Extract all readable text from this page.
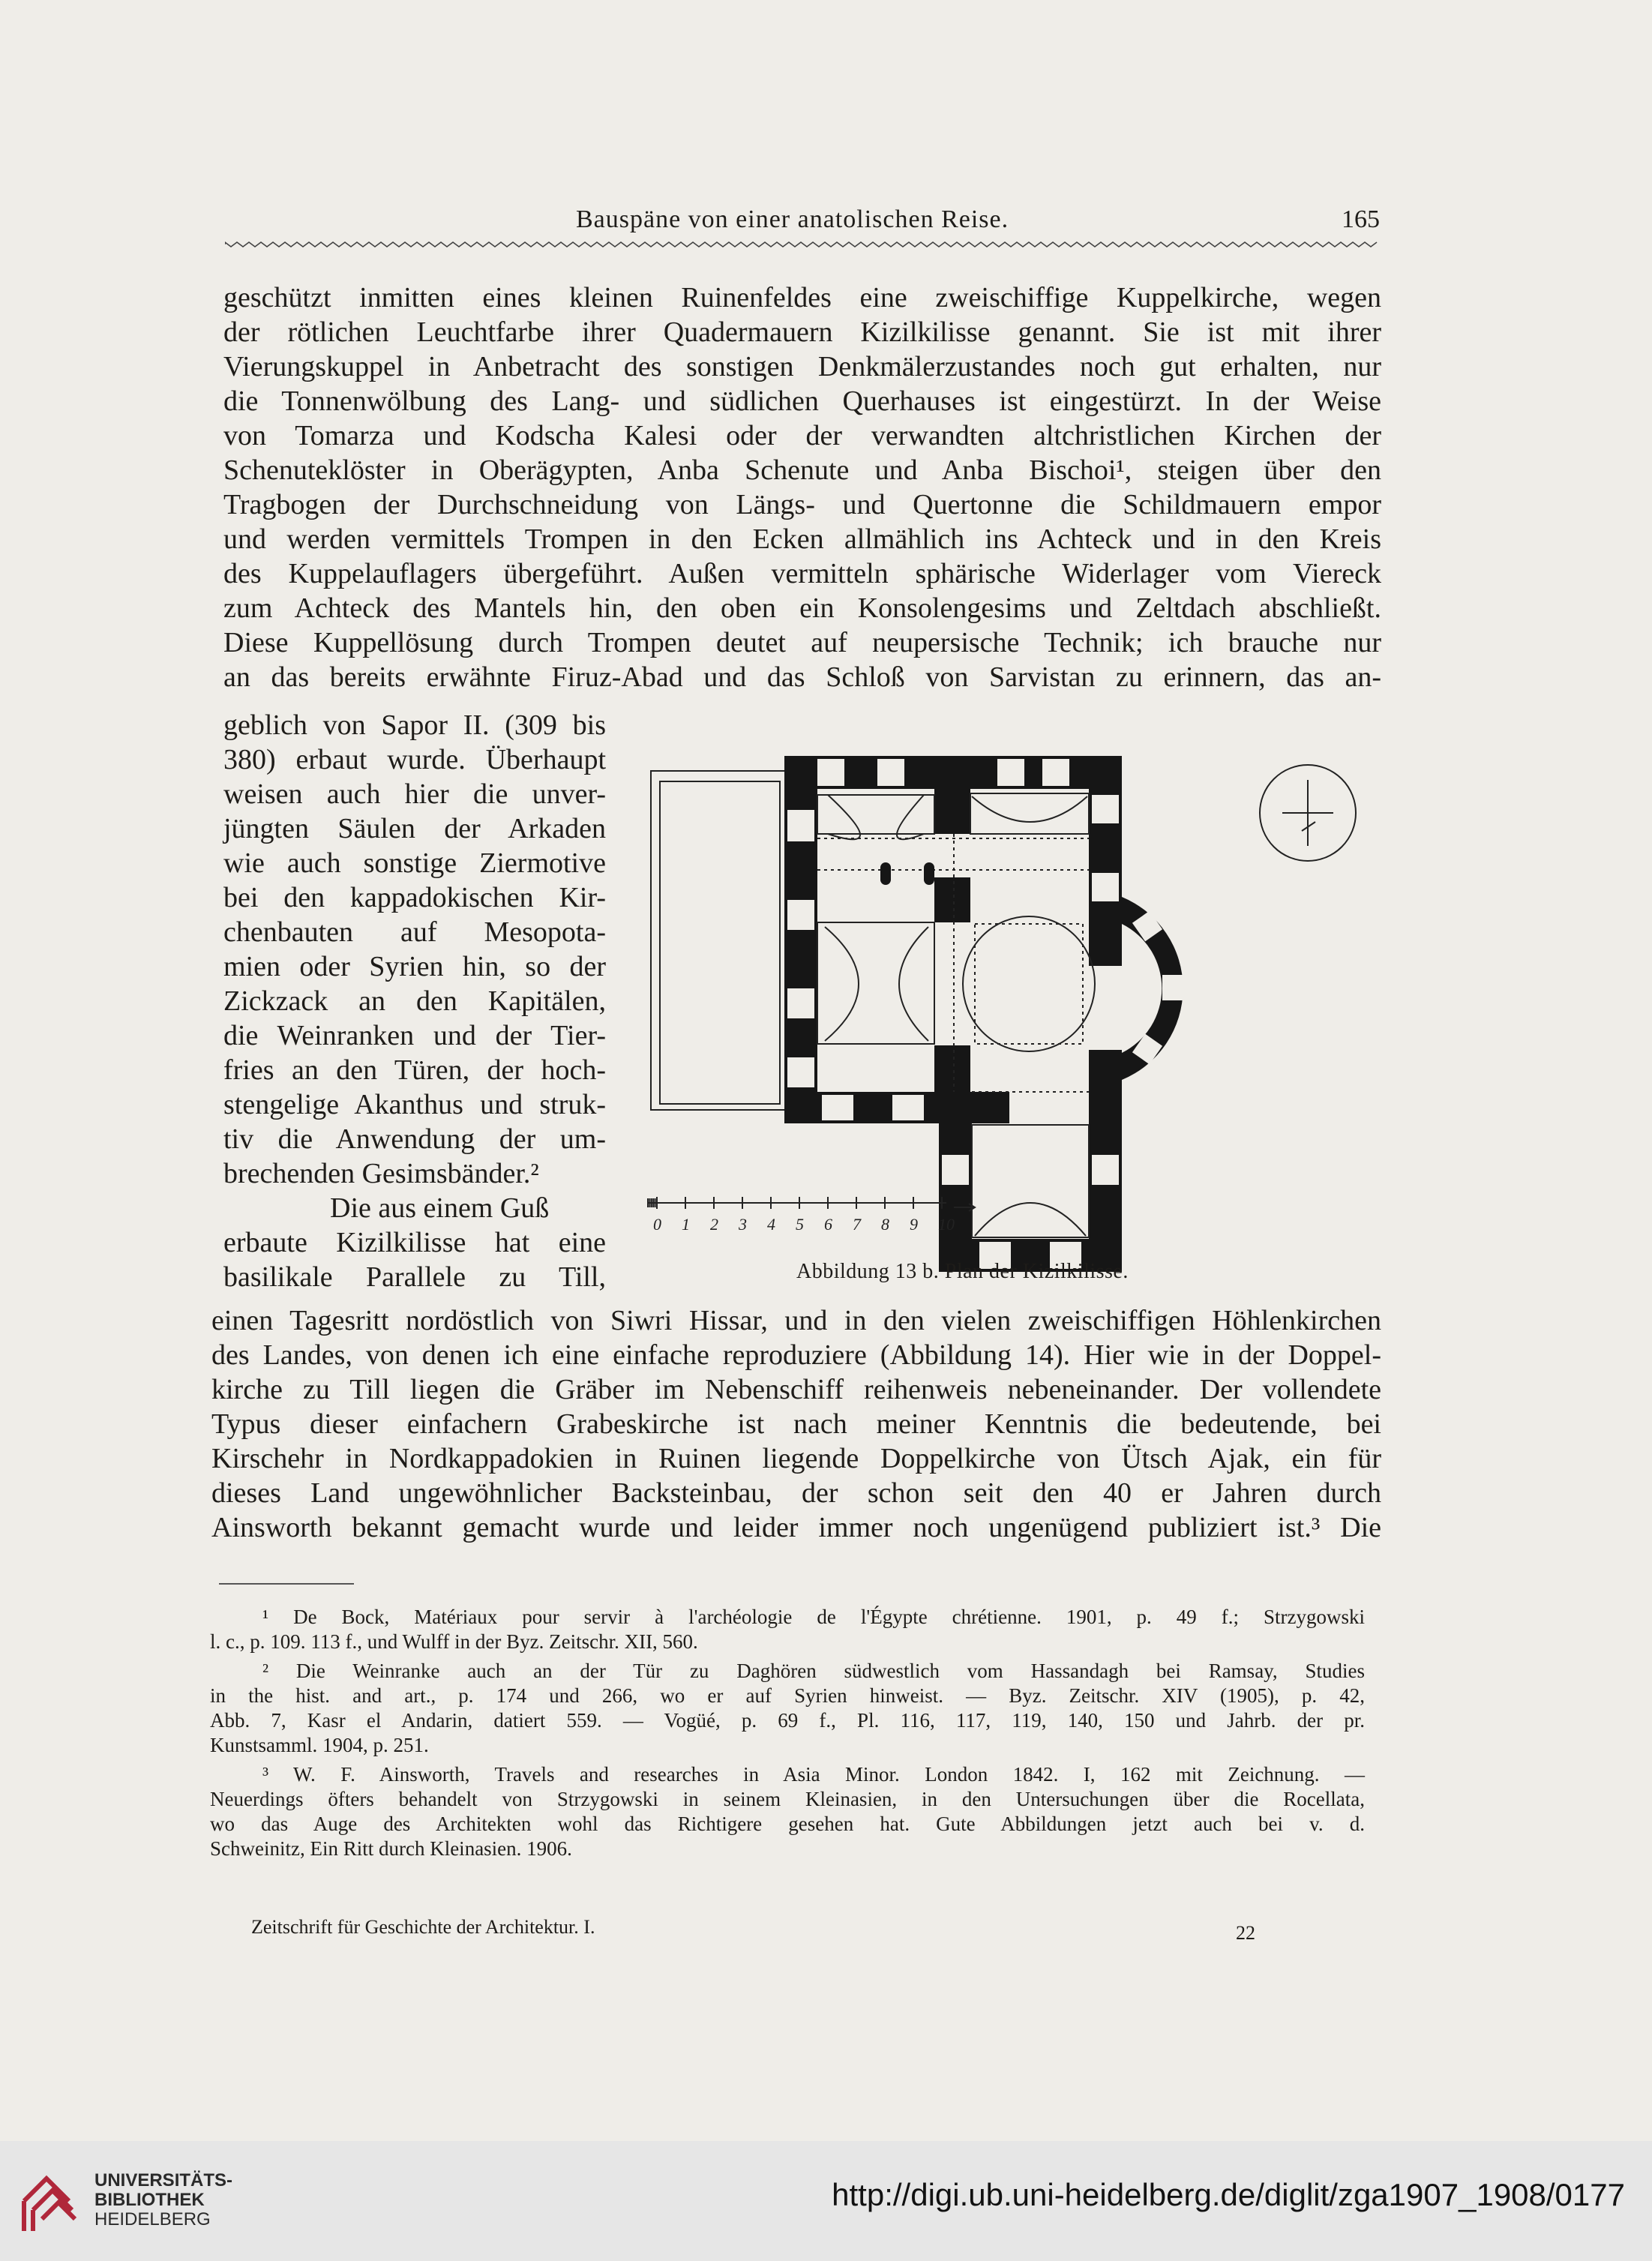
Bauspäne von einer anatolischen Reise.	165
geschützt inmitten eines kleinen Ruinenfeldes eine zweischiffige Kuppelkirche, wegen
der rötlichen Leuchtfarbe ihrer Quadermauern Kizilkilisse genannt. Sie ist mit ihrer
Vierungskuppel in Anbetracht des sonstigen Denkmälerzustandes noch gut erhalten, nur
die Tonnenwölbung des Lang- und südlichen Querhauses ist eingestürzt. In der Weise
von Tomarza und Kodscha Kalesi oder der verwandten altchristlichen Kirchen der
Schenuteklöster in Oberägypten, Anba Schenute und Anba Bischoi¹, steigen über den
Tragbogen der Durchschneidung von Längs- und Quertonne die Schildmauern empor
und werden vermittels Trompen in den Ecken allmählich ins Achteck und in den Kreis
des Kuppelauflagers übergeführt. Außen vermitteln sphärische Widerlager vom Viereck
zum Achteck des Mantels hin, den oben ein Konsolengesims und Zeltdach abschließt.
Diese Kuppellösung durch Trompen deutet auf neupersische Technik; ich brauche nur
an das bereits erwähnte Firuz-Abad und das Schloß von Sarvistan zu erinnern, das an-
geblich von Sapor II. (309 bis
380) erbaut wurde. Überhaupt
weisen auch hier die unver-
jüngten Säulen der Arkaden
wie auch sonstige Ziermotive
bei den kappadokischen Kir-
chenbauten auf Mesopota-
mien oder Syrien hin, so der
Zickzack an den Kapitälen,
die Weinranken und der Tier-
fries an den Türen, der hoch-
stengelige Akanthus und struk-
tiv die Anwendung der um-
brechenden Gesimsbänder.²
Die aus einem Guß
erbaute Kizilkilisse hat eine
basilikale Parallele zu Till,
0 1 2 3 4 5 6 7 8 9 10
Abbildung 13 b. Plan der Kizilkilisse.
einen Tagesritt nordöstlich von Siwri Hissar, und in den vielen zweischiffigen Höhlenkirchen
des Landes, von denen ich eine einfache reproduziere (Abbildung 14). Hier wie in der Doppel-
kirche zu Till liegen die Gräber im Nebenschiff reihenweis nebeneinander. Der vollendete
Typus dieser einfachern Grabeskirche ist nach meiner Kenntnis die bedeutende, bei
Kirschehr in Nordkappadokien in Ruinen liegende Doppelkirche von Ütsch Ajak, ein für
dieses Land ungewöhnlicher Backsteinbau, der schon seit den 40 er Jahren durch
Ainsworth bekannt gemacht wurde und leider immer noch ungenügend publiziert ist.³ Die
¹ De Bock, Matériaux pour servir à l'archéologie de l'Égypte chrétienne. 1901, p. 49 f.; Strzygowski
l. c., p. 109. 113 f., und Wulff in der Byz. Zeitschr. XII, 560.
² Die Weinranke auch an der Tür zu Daghören südwestlich vom Hassandagh bei Ramsay, Studies
in the hist. and art., p. 174 und 266, wo er auf Syrien hinweist. — Byz. Zeitschr. XIV (1905), p. 42,
Abb. 7, Kasr el Andarin, datiert 559. — Vogüé, p. 69 f., Pl. 116, 117, 119, 140, 150 und Jahrb. der pr.
Kunstsamml. 1904, p. 251.
³ W. F. Ainsworth, Travels and researches in Asia Minor. London 1842. I, 162 mit Zeichnung. —
Neuerdings öfters behandelt von Strzygowski in seinem Kleinasien, in den Untersuchungen über die Rocellata,
wo das Auge des Architekten wohl das Richtigere gesehen hat. Gute Abbildungen jetzt auch bei v. d.
Schweinitz, Ein Ritt durch Kleinasien. 1906.
Zeitschrift für Geschichte der Architektur. I.	22
UNIVERSITÄTS-
BIBLIOTHEK
HEIDELBERG
http://digi.ub.uni-heidelberg.de/diglit/zga1907_1908/0177
